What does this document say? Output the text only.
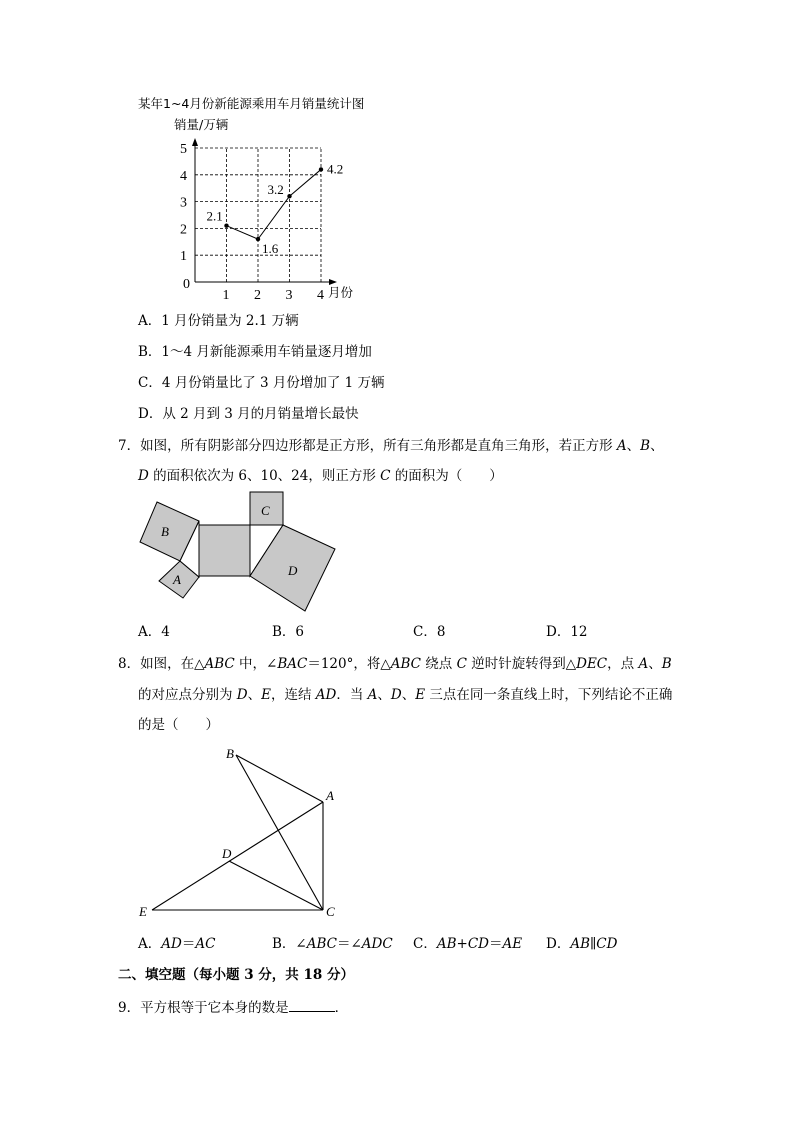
某年1~4月份新能源乘用车月销量统计图
销量/万辆
1 2 3 4
1
2
3
4
5
2.1
1.6
3.2
4.2
月份
0
A．1 月份销量为 2.1 万辆
B．1～4 月新能源乘用车销量逐月增加
C．4 月份销量比了 3 月份增加了 1 万辆
D．从 2 月到 3 月的月销量增长最快
7．如图，所有阴影部分四边形都是正方形，所有三角形都是直角三角形，若正方形 A、B、
D 的面积依次为 6、10、24，则正方形 C 的面积为（　　）
B
A
C
D
A．4	B．6	C．8	D．12
8．如图，在△ABC 中，∠BAC＝120°，将△ABC 绕点 C 逆时针旋转得到△DEC，点 A、B
的对应点分别为 D、E，连结 AD．当 A、D、E 三点在同一条直线上时，下列结论不正确
的是（　　）
B
A
D
E	C
A．AD＝AC	B．∠ABC＝∠ADC C．AB+CD＝AE D．AB∥CD
二、填空题（每小题 3 分，共 18 分）
9．平方根等于它本身的数是	．
